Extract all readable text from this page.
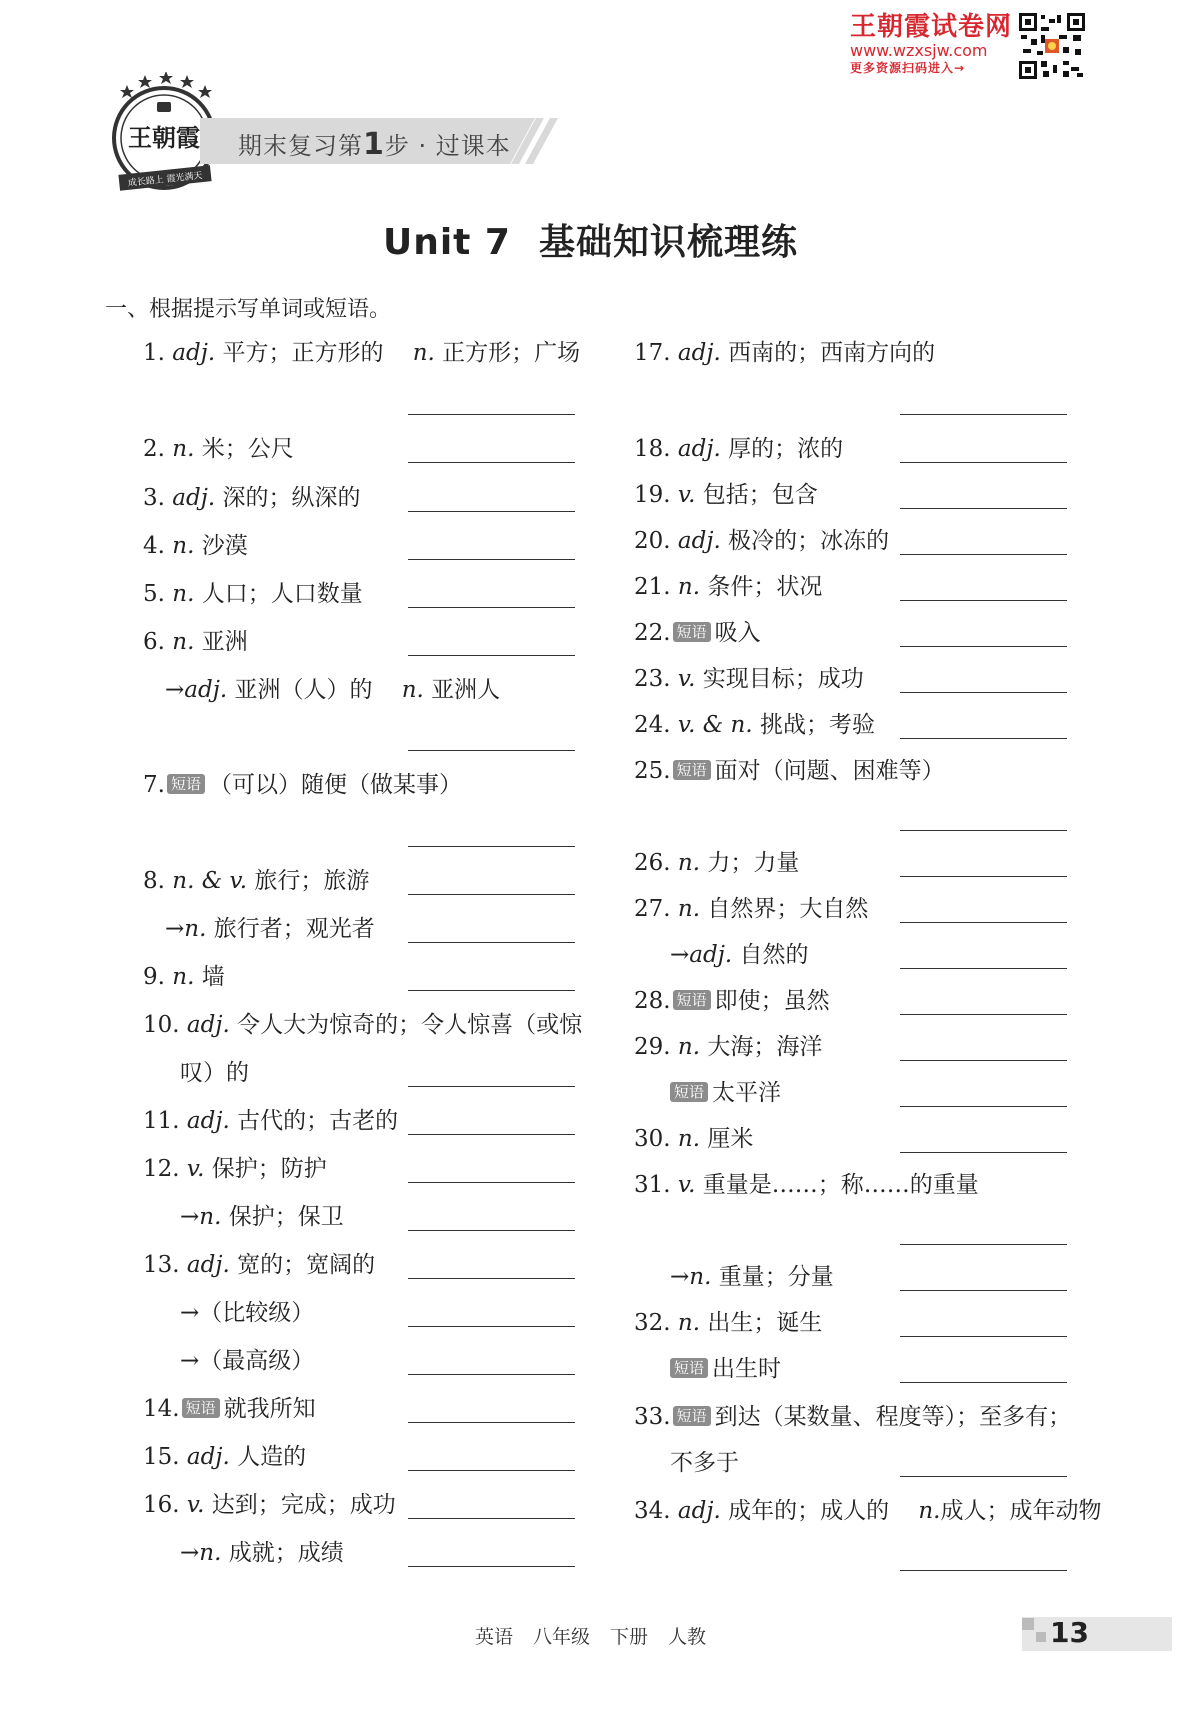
王朝霞试卷网
www.wzxsjw.com
更多资源扫码进入→
王朝霞
成长路上 霞光满天
期末复习第1步 · 过课本
Unit 7 基础知识梳理练
一、根据提示写单词或短语。
1. adj. 平方；正方形的 n. 正方形；广场
2. n. 米；公尺
3. adj. 深的；纵深的
4. n. 沙漠
5. n. 人口；人口数量
6. n. 亚洲
→adj. 亚洲（人）的 n. 亚洲人
7. 短语 （可以）随便（做某事）
8. n. & v. 旅行；旅游
→n. 旅行者；观光者
9. n. 墙
10. adj. 令人大为惊奇的；令人惊喜（或惊
叹）的
11. adj. 古代的；古老的
12. v. 保护；防护
→n. 保护；保卫
13. adj. 宽的；宽阔的
→（比较级）
→（最高级）
14. 短语 就我所知
15. adj. 人造的
16. v. 达到；完成；成功
→n. 成就；成绩
17. adj. 西南的；西南方向的
18. adj. 厚的；浓的
19. v. 包括；包含
20. adj. 极冷的；冰冻的
21. n. 条件；状况
22. 短语 吸入
23. v. 实现目标；成功
24. v. & n. 挑战；考验
25. 短语 面对（问题、困难等）
26. n. 力；力量
27. n. 自然界；大自然
→adj. 自然的
28. 短语 即使；虽然
29. n. 大海；海洋
短语 太平洋
30. n. 厘米
31. v. 重量是……；称……的重量
→n. 重量；分量
32. n. 出生；诞生
短语 出生时
33. 短语 到达（某数量、程度等）；至多有；
不多于
34. adj. 成年的；成人的 n.成人；成年动物
英语 八年级 下册 人教	13
